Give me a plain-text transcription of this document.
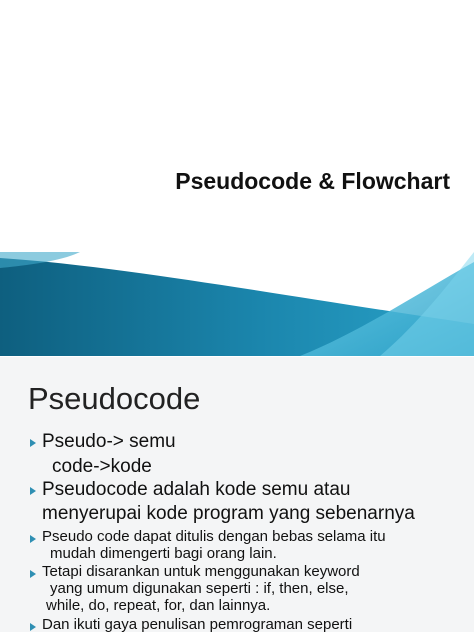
Pseudocode & Flowchart
Pseudocode
Pseudo-> semu
code->kode
Pseudocode adalah kode semu atau
menyerupai kode program yang sebenarnya
Pseudo code dapat ditulis dengan bebas selama itu
mudah dimengerti bagi orang lain.
Tetapi disarankan untuk menggunakan keyword
yang umum digunakan seperti : if, then, else,
while, do, repeat, for, dan lainnya.
Dan ikuti gaya penulisan pemrograman seperti
